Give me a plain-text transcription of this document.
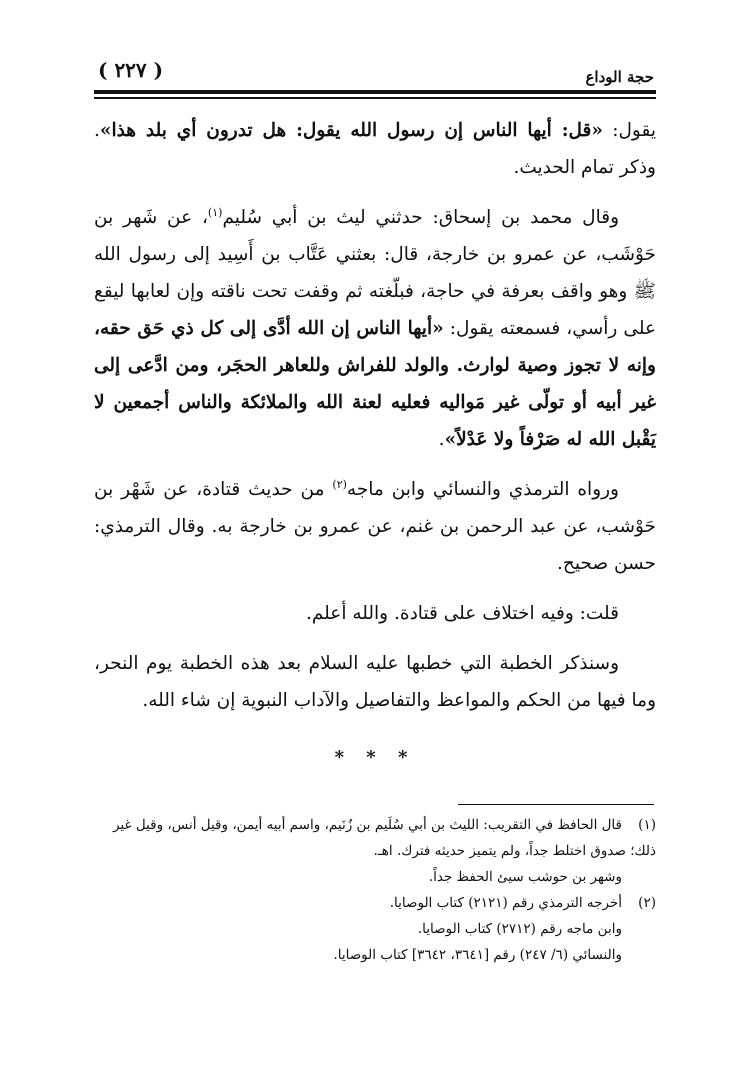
( ٢٢٧ )	حجة الوداع

يقول: «قل: أيها الناس إن رسول الله يقول: هل تدرون أي بلد هذا». وذكر تمام الحديث.

وقال محمد بن إسحاق: حدثني ليث بن أبي سُليم$^{(١)}$، عن شَهر بن حَوْشَب، عن عمرو بن خارجة، قال: بعثني عَتَّاب بن أَسِيد إلى رسول الله ﷺ وهو واقف بعرفة في حاجة، فبلّغته ثم وقفت تحت ناقته وإن لعابها ليقع على رأسي، فسمعته يقول: «أيها الناس إن الله أدَّى إلى كل ذي حَق حقه، وإنه لا تجوز وصية لوارث. والولد للفراش وللعاهر الحجَر، ومن ادَّعى إلى غير أبيه أو تولّى غير مَواليه فعليه لعنة الله والملائكة والناس أجمعين لا يَقْبل الله له صَرْفاً ولا عَدْلاً».

ورواه الترمذي والنسائي وابن ماجه$^{(٢)}$ من حديث قتادة، عن شَهْر بن حَوْشب، عن عبد الرحمن بن غنم، عن عمرو بن خارجة به. وقال الترمذي: حسن صحيح.

قلت: وفيه اختلاف على قتادة. والله أعلم.

وسنذكر الخطبة التي خطبها عليه السلام بعد هذه الخطبة يوم النحر، وما فيها من الحكم والمواعظ والتفاصيل والآداب النبوية إن شاء الله.

* * *

(١)قال الحافظ في التقريب: الليث بن أبي سُلَيم بن زُنَيم، واسم أبيه أيمن، وقيل أنس، وقيل غير ذلك؛ صدوق اختلط جداً، ولم يتميز حديثه فترك. اهـ.

وشهر بن حوشب سيئ الحفظ جداً.

(٢)أخرجه الترمذي رقم (٢١٢١) كتاب الوصايا.

وابن ماجه رقم (٢٧١٢) كتاب الوصايا.

والنسائي (٦/ ٢٤٧) رقم [٣٦٤١، ٣٦٤٢] كتاب الوصايا.
